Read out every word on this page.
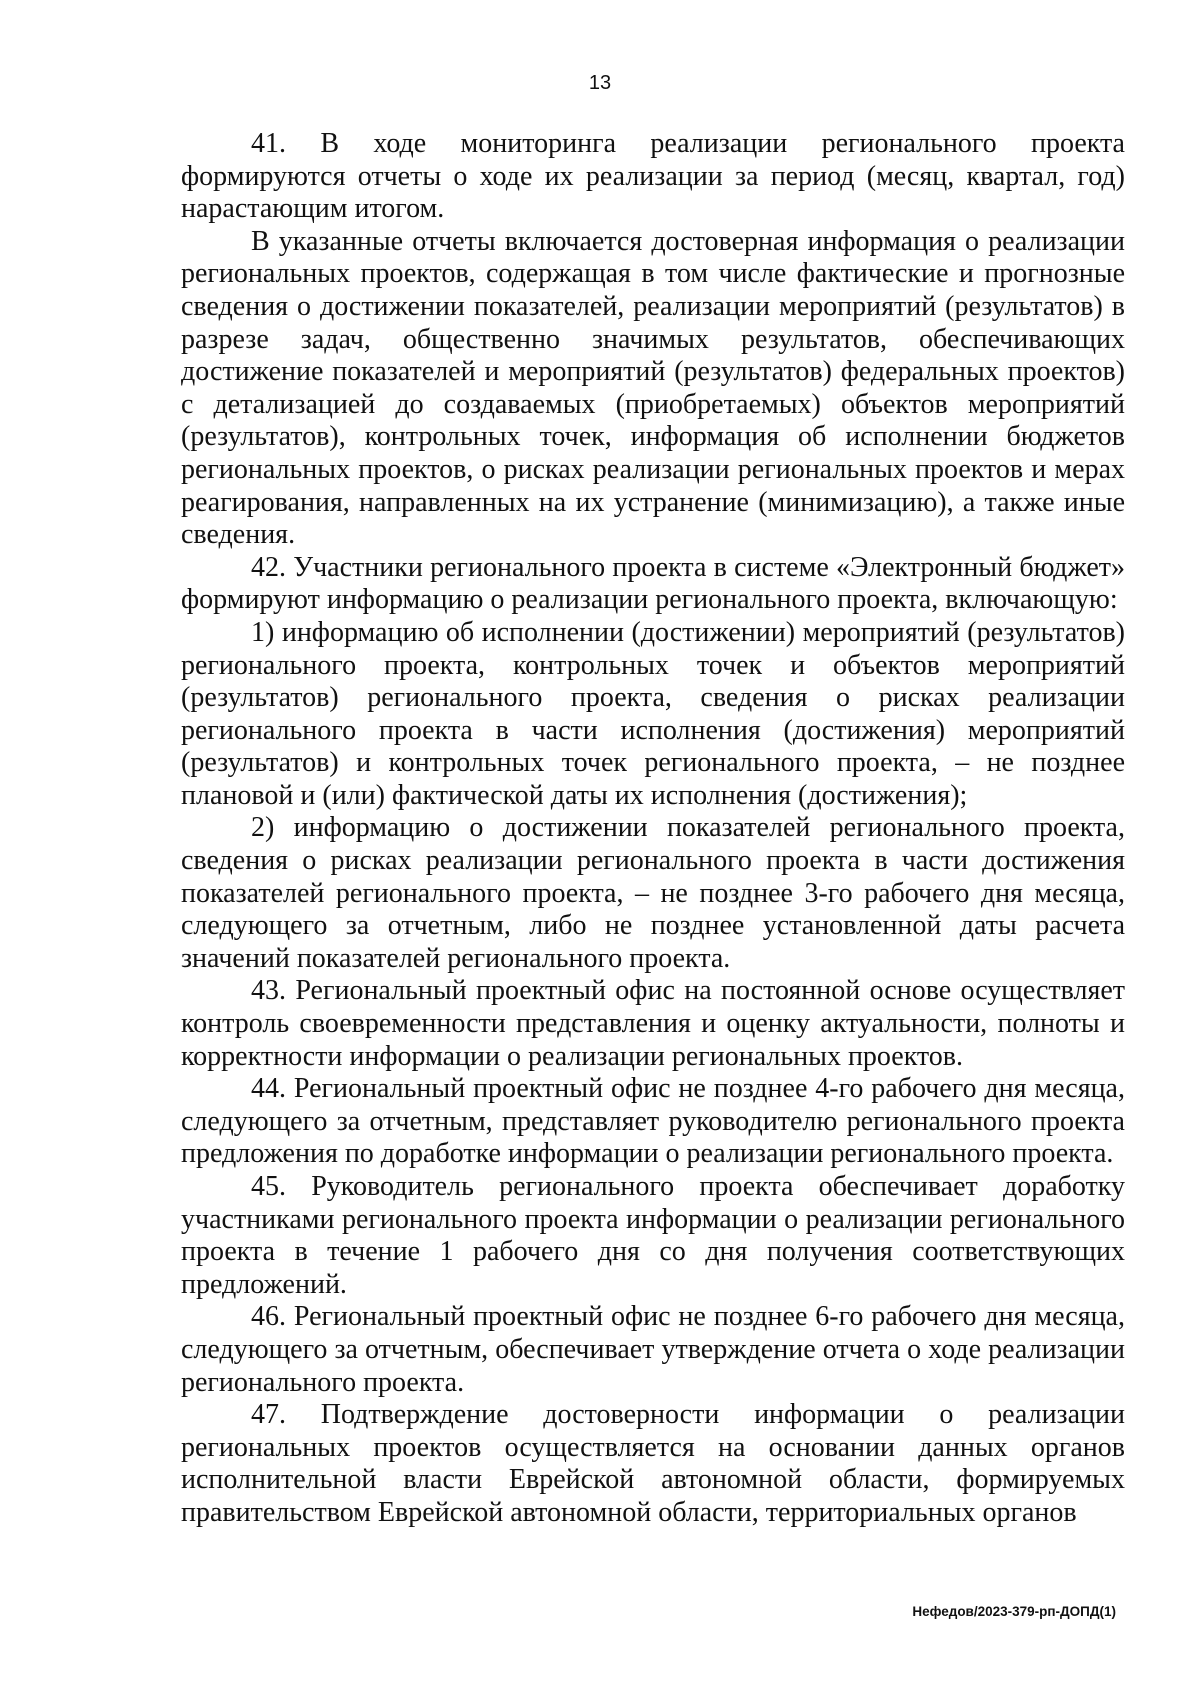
13

41. В ходе мониторинга реализации регионального проекта формируются отчеты о ходе их реализации за период (месяц, квартал, год) нарастающим итогом.

В указанные отчеты включается достоверная информация о реализации региональных проектов, содержащая в том числе фактические и прогнозные сведения о достижении показателей, реализации мероприятий (результатов) в разрезе задач, общественно значимых результатов, обеспечивающих достижение показателей и мероприятий (результатов) федеральных проектов) с детализацией до создаваемых (приобретаемых) объектов мероприятий (результатов), контрольных точек, информация об исполнении бюджетов региональных проектов, о рисках реализации региональных проектов и мерах реагирования, направленных на их устранение (минимизацию), а также иные сведения.

42. Участники регионального проекта в системе «Электронный бюджет» формируют информацию о реализации регионального проекта, включающую:

1) информацию об исполнении (достижении) мероприятий (результатов) регионального проекта, контрольных точек и объектов мероприятий (результатов) регионального проекта, сведения о рисках реализации регионального проекта в части исполнения (достижения) мероприятий (результатов) и контрольных точек регионального проекта, – не позднее плановой и (или) фактической даты их исполнения (достижения);

2) информацию о достижении показателей регионального проекта, сведения о рисках реализации регионального проекта в части достижения показателей регионального проекта, – не позднее 3-го рабочего дня месяца, следующего за отчетным, либо не позднее установленной даты расчета значений показателей регионального проекта.

43. Региональный проектный офис на постоянной основе осуществляет контроль своевременности представления и оценку актуальности, полноты и корректности информации о реализации региональных проектов.

44. Региональный проектный офис не позднее 4-го рабочего дня месяца, следующего за отчетным, представляет руководителю регионального проекта предложения по доработке информации о реализации регионального проекта.

45. Руководитель регионального проекта обеспечивает доработку участниками регионального проекта информации о реализации регионального проекта в течение 1 рабочего дня со дня получения соответствующих предложений.

46. Региональный проектный офис не позднее 6-го рабочего дня месяца, следующего за отчетным, обеспечивает утверждение отчета о ходе реализации регионального проекта.

47. Подтверждение достоверности информации о реализации региональных проектов осуществляется на основании данных органов исполнительной власти Еврейской автономной области, формируемых правительством Еврейской автономной области, территориальных органов

Нефедов/2023-379-рп-ДОПД(1)
